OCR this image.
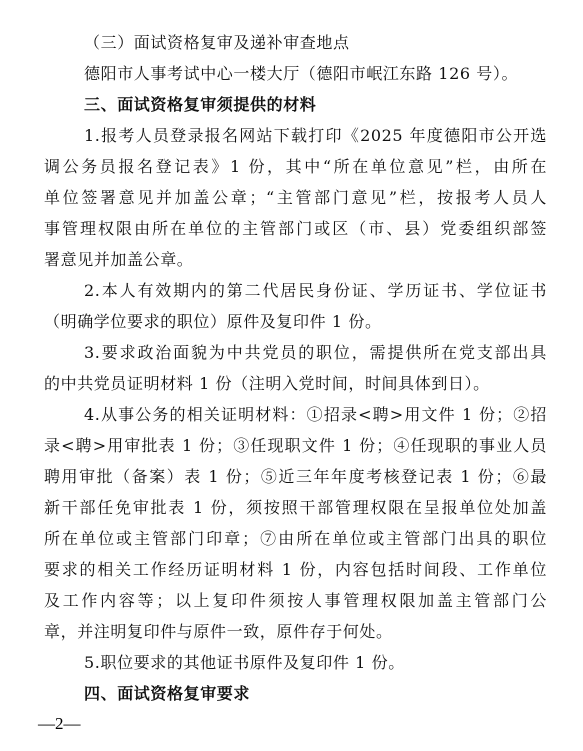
（三）面试资格复审及递补审查地点
德阳市人事考试中心一楼大厅（德阳市岷江东路 126 号）。
三、面试资格复审须提供的材料
1.报考人员登录报名网站下载打印《2025 年度德阳市公开选
调公务员报名登记表》1 份，其中“所在单位意见”栏，由所在
单位签署意见并加盖公章；“主管部门意见”栏，按报考人员人
事管理权限由所在单位的主管部门或区（市、县）党委组织部签
署意见并加盖公章。
2.本人有效期内的第二代居民身份证、学历证书、学位证书
（明确学位要求的职位）原件及复印件 1 份。
3.要求政治面貌为中共党员的职位，需提供所在党支部出具
的中共党员证明材料 1 份（注明入党时间，时间具体到日）。
4.从事公务的相关证明材料：①招录<聘>用文件 1 份；②招
录<聘>用审批表 1 份；③任现职文件 1 份；④任现职的事业人员
聘用审批（备案）表 1 份；⑤近三年年度考核登记表 1 份；⑥最
新干部任免审批表 1 份，须按照干部管理权限在呈报单位处加盖
所在单位或主管部门印章；⑦由所在单位或主管部门出具的职位
要求的相关工作经历证明材料 1 份，内容包括时间段、工作单位
及工作内容等；以上复印件须按人事管理权限加盖主管部门公
章，并注明复印件与原件一致，原件存于何处。
5.职位要求的其他证书原件及复印件 1 份。
四、面试资格复审要求
—2—
